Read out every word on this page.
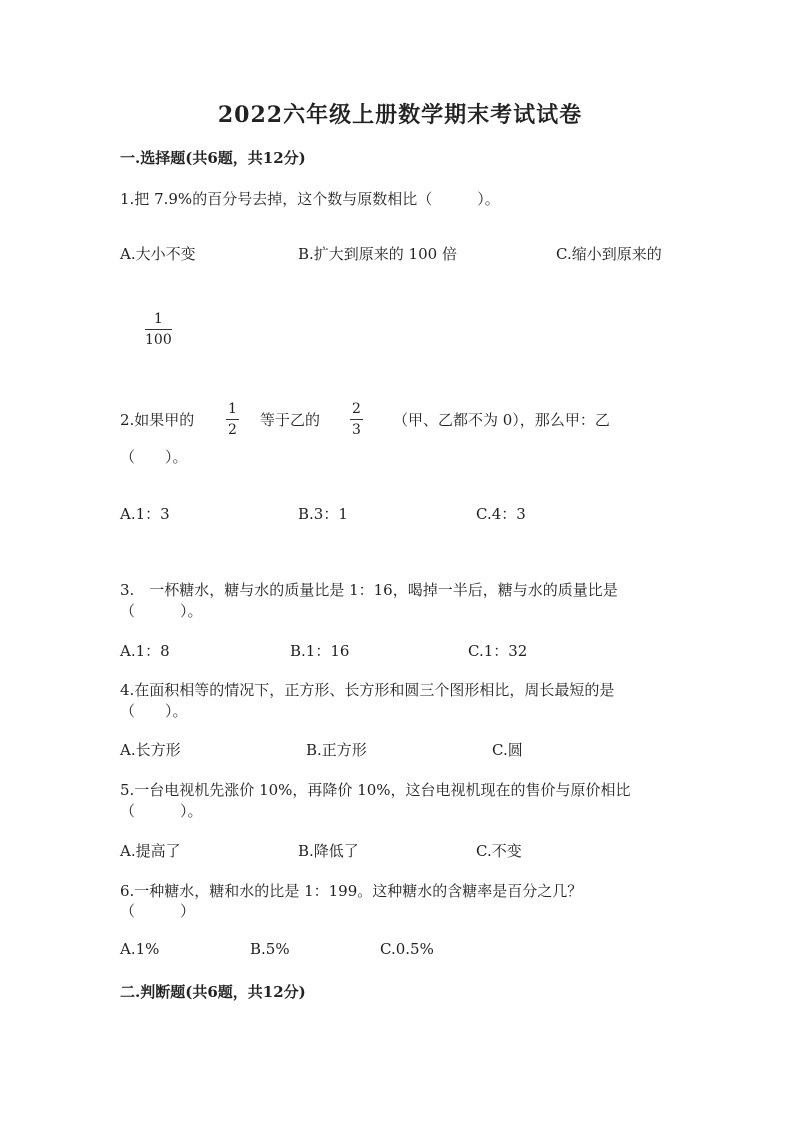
2022六年级上册数学期末考试试卷
一.选择题(共6题，共12分)
1.把 7.9%的百分号去掉，这个数与原数相比（　　　）。
A.大小不变	B.扩大到原来的 100 倍	C.缩小到原来的
1
100
2.如果甲的
1
2
等于乙的
2
3
（甲、乙都不为 0），那么甲：乙
（　　）。
A.1：3	B.3：1	C.4：3
3.　一杯糖水，糖与水的质量比是 1：16，喝掉一半后，糖与水的质量比是
（　　　）。
A.1：8	B.1：16	C.1：32
4.在面积相等的情况下，正方形、长方形和圆三个图形相比，周长最短的是
（　　）。
A.长方形	B.正方形	C.圆
5.一台电视机先涨价 10%，再降价 10%，这台电视机现在的售价与原价相比
（　　　）。
A.提高了	B.降低了	C.不变
6.一种糖水，糖和水的比是 1：199。这种糖水的含糖率是百分之几？
（　　　）
A.1%	B.5%	C.0.5%
二.判断题(共6题，共12分)
